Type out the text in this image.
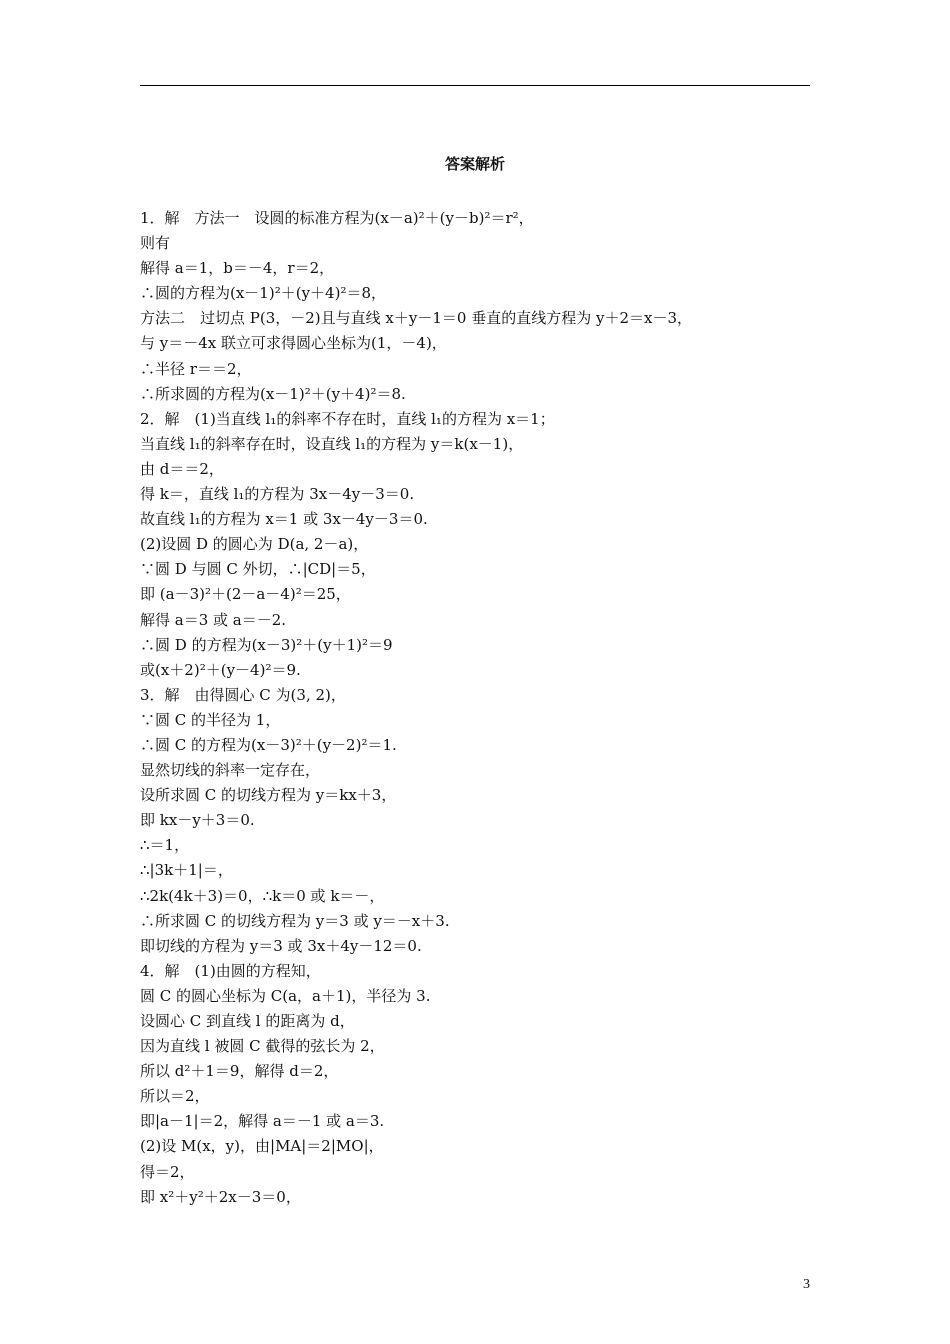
答案解析
1．解　方法一　设圆的标准方程为(x－a)²＋(y－b)²＝r²，
则有
解得 a＝1，b＝－4，r＝2，
∴圆的方程为(x－1)²＋(y＋4)²＝8，
方法二　过切点 P(3，－2)且与直线 x＋y－1＝0 垂直的直线方程为 y＋2＝x－3，
与 y＝－4x 联立可求得圆心坐标为(1，－4)，
∴半径 r＝＝2，
∴所求圆的方程为(x－1)²＋(y＋4)²＝8.
2．解　(1)当直线 l₁的斜率不存在时，直线 l₁的方程为 x＝1；
当直线 l₁的斜率存在时，设直线 l₁的方程为 y＝k(x－1)，
由 d＝＝2，
得 k＝，直线 l₁的方程为 3x－4y－3＝0.
故直线 l₁的方程为 x＝1 或 3x－4y－3＝0.
(2)设圆 D 的圆心为 D(a, 2－a)，
∵圆 D 与圆 C 外切，∴|CD|＝5，
即 (a－3)²＋(2－a－4)²＝25，
解得 a＝3 或 a＝－2.
∴圆 D 的方程为(x－3)²＋(y＋1)²＝9
或(x＋2)²＋(y－4)²＝9.
3．解　由得圆心 C 为(3, 2)，
∵圆 C 的半径为 1，
∴圆 C 的方程为(x－3)²＋(y－2)²＝1.
显然切线的斜率一定存在，
设所求圆 C 的切线方程为 y＝kx＋3，
即 kx－y＋3＝0.
∴＝1，
∴|3k＋1|＝，
∴2k(4k＋3)＝0，∴k＝0 或 k＝－，
∴所求圆 C 的切线方程为 y＝3 或 y＝－x＋3.
即切线的方程为 y＝3 或 3x＋4y－12＝0.
4．解　(1)由圆的方程知，
圆 C 的圆心坐标为 C(a，a＋1)，半径为 3.
设圆心 C 到直线 l 的距离为 d，
因为直线 l 被圆 C 截得的弦长为 2，
所以 d²＋1＝9，解得 d＝2，
所以＝2，
即|a－1|＝2，解得 a＝－1 或 a＝3.
(2)设 M(x，y)，由|MA|＝2|MO|，
得＝2，
即 x²＋y²＋2x－3＝0，
3
